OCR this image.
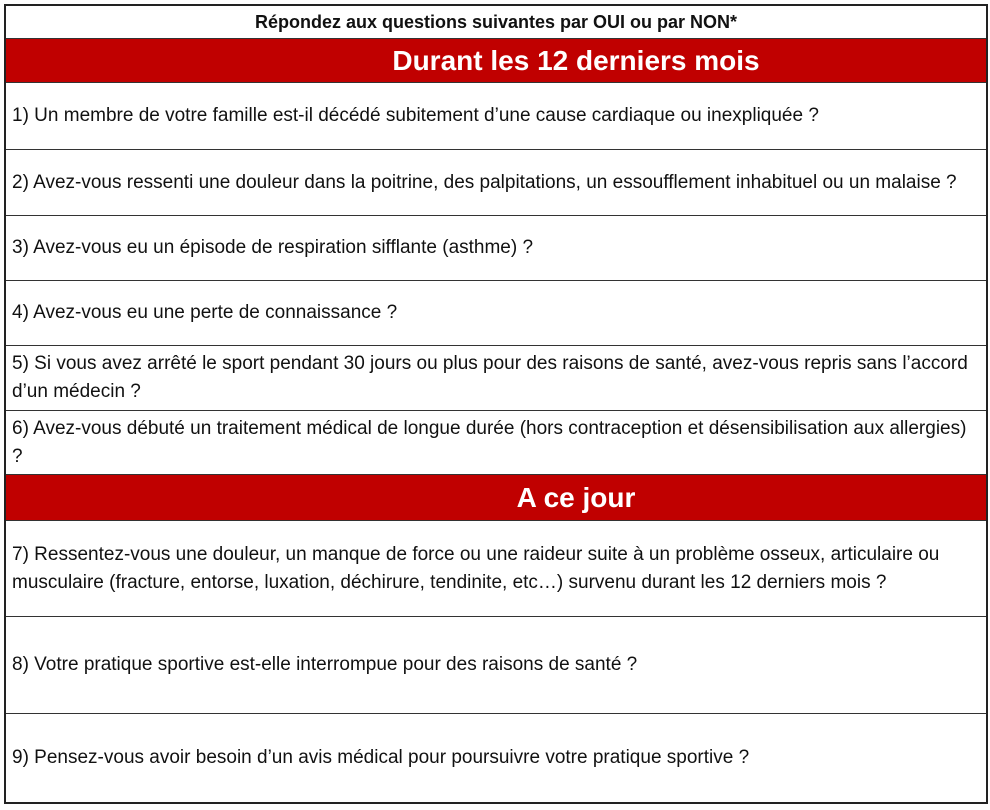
Répondez aux questions suivantes par OUI ou par NON*
Durant les 12 derniers mois
1) Un membre de votre famille est-il décédé subitement d’une cause cardiaque ou inexpliquée ?
2) Avez-vous ressenti une douleur dans la poitrine, des palpitations, un essoufflement inhabituel ou un malaise ?
3) Avez-vous eu un épisode de respiration sifflante (asthme) ?
4) Avez-vous eu une perte de connaissance ?
5) Si vous avez arrêté le sport pendant 30 jours ou plus pour des raisons de santé, avez-vous repris sans l’accord d’un médecin ?
6) Avez-vous débuté un traitement médical de longue durée (hors contraception et désensibilisation aux allergies) ?
A ce jour
7) Ressentez-vous une douleur, un manque de force ou une raideur suite à un problème osseux, articulaire ou musculaire (fracture, entorse, luxation, déchirure, tendinite, etc…) survenu durant les 12 derniers mois ?
8) Votre pratique sportive est-elle interrompue pour des raisons de santé ?
9) Pensez-vous avoir besoin d’un avis médical pour poursuivre votre pratique sportive ?
